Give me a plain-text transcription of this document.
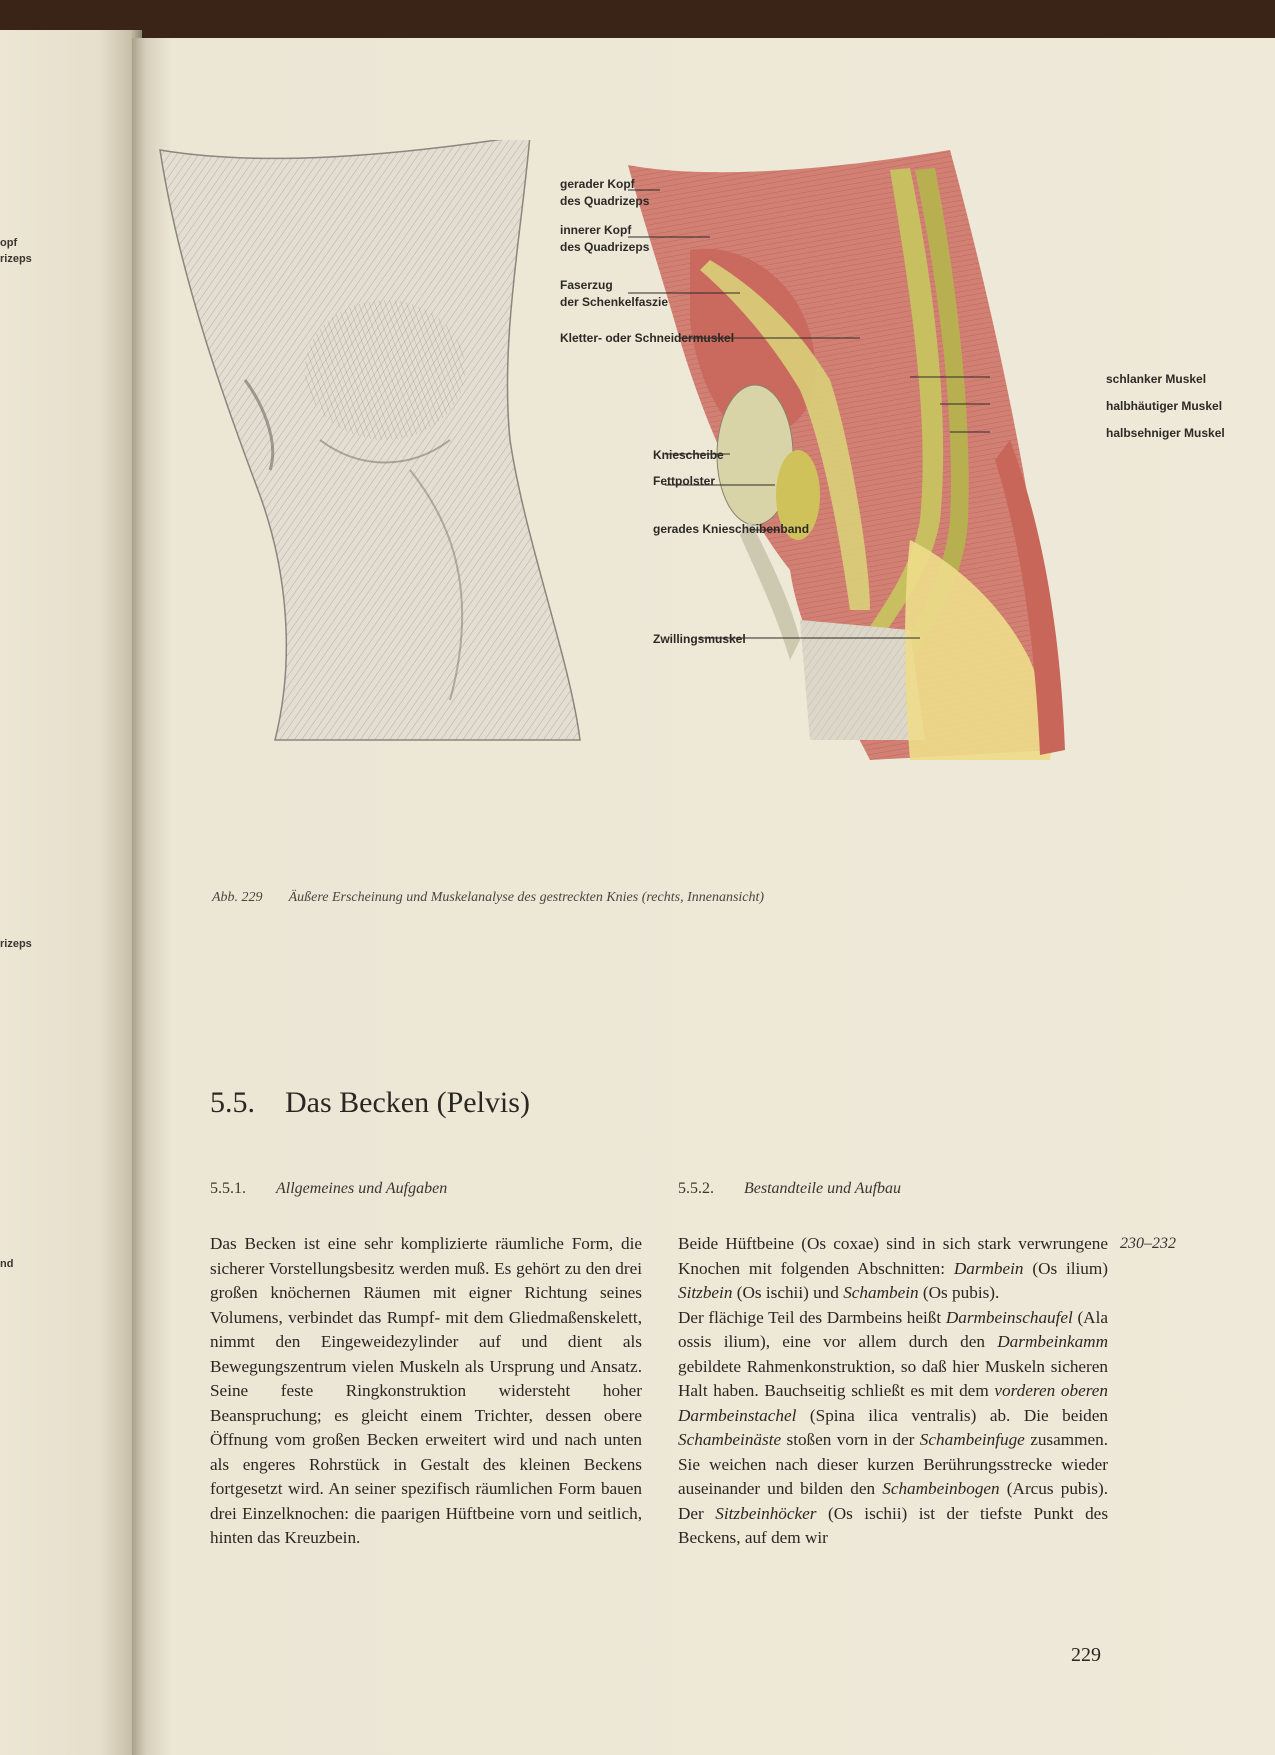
opf
rizeps
rizeps
nd
gerader Kopf
des Quadrizeps
innerer Kopf
des Quadrizeps
Faserzug
der Schenkelfaszie
Kletter- oder Schneidermuskel
schlanker Muskel
halbhäutiger Muskel
halbsehniger Muskel
Kniescheibe
Fettpolster
gerades Kniescheibenband
Zwillingsmuskel
Abb. 229 Äußere Erscheinung und Muskelanalyse des gestreckten Knies (rechts, Innenansicht)
5.5. Das Becken (Pelvis)
5.5.1. Allgemeines und Aufgaben	5.5.2. Bestandteile und Aufbau

Das Becken ist eine sehr komplizierte räumliche Form, die sicherer Vorstellungsbesitz werden muß. Es gehört zu den drei großen knöchernen Räumen mit eigner Richtung seines Volumens, verbindet das Rumpf- mit dem Gliedmaßenskelett, nimmt den Eingeweidezylinder auf und dient als Bewegungszentrum vielen Muskeln als Ursprung und Ansatz. Seine feste Ringkonstruktion widersteht hoher Beanspruchung; es gleicht einem Trichter, dessen obere Öffnung vom großen Becken erweitert wird und nach unten als engeres Rohrstück in Gestalt des kleinen Beckens fortgesetzt wird. An seiner spezifisch räumlichen Form bauen drei Einzelknochen: die paarigen Hüftbeine vorn und seitlich, hinten das Kreuzbein.

Beide Hüftbeine (Os coxae) sind in sich stark verwrungene Knochen mit folgenden Abschnitten: Darmbein (Os ilium) Sitzbein (Os ischii) und Schambein (Os pubis).

Der flächige Teil des Darmbeins heißt Darmbeinschaufel (Ala ossis ilium), eine vor allem durch den Darmbeinkamm gebildete Rahmenkonstruktion, so daß hier Muskeln sicheren Halt haben. Bauchseitig schließt es mit dem vorderen oberen Darmbeinstachel (Spina ilica ventralis) ab. Die beiden Schambeinäste stoßen vorn in der Schambeinfuge zusammen. Sie weichen nach dieser kurzen Berührungsstrecke wieder auseinander und bilden den Schambeinbogen (Arcus pubis). Der Sitzbeinhöcker (Os ischii) ist der tiefste Punkt des Beckens, auf dem wir

230–232
229
